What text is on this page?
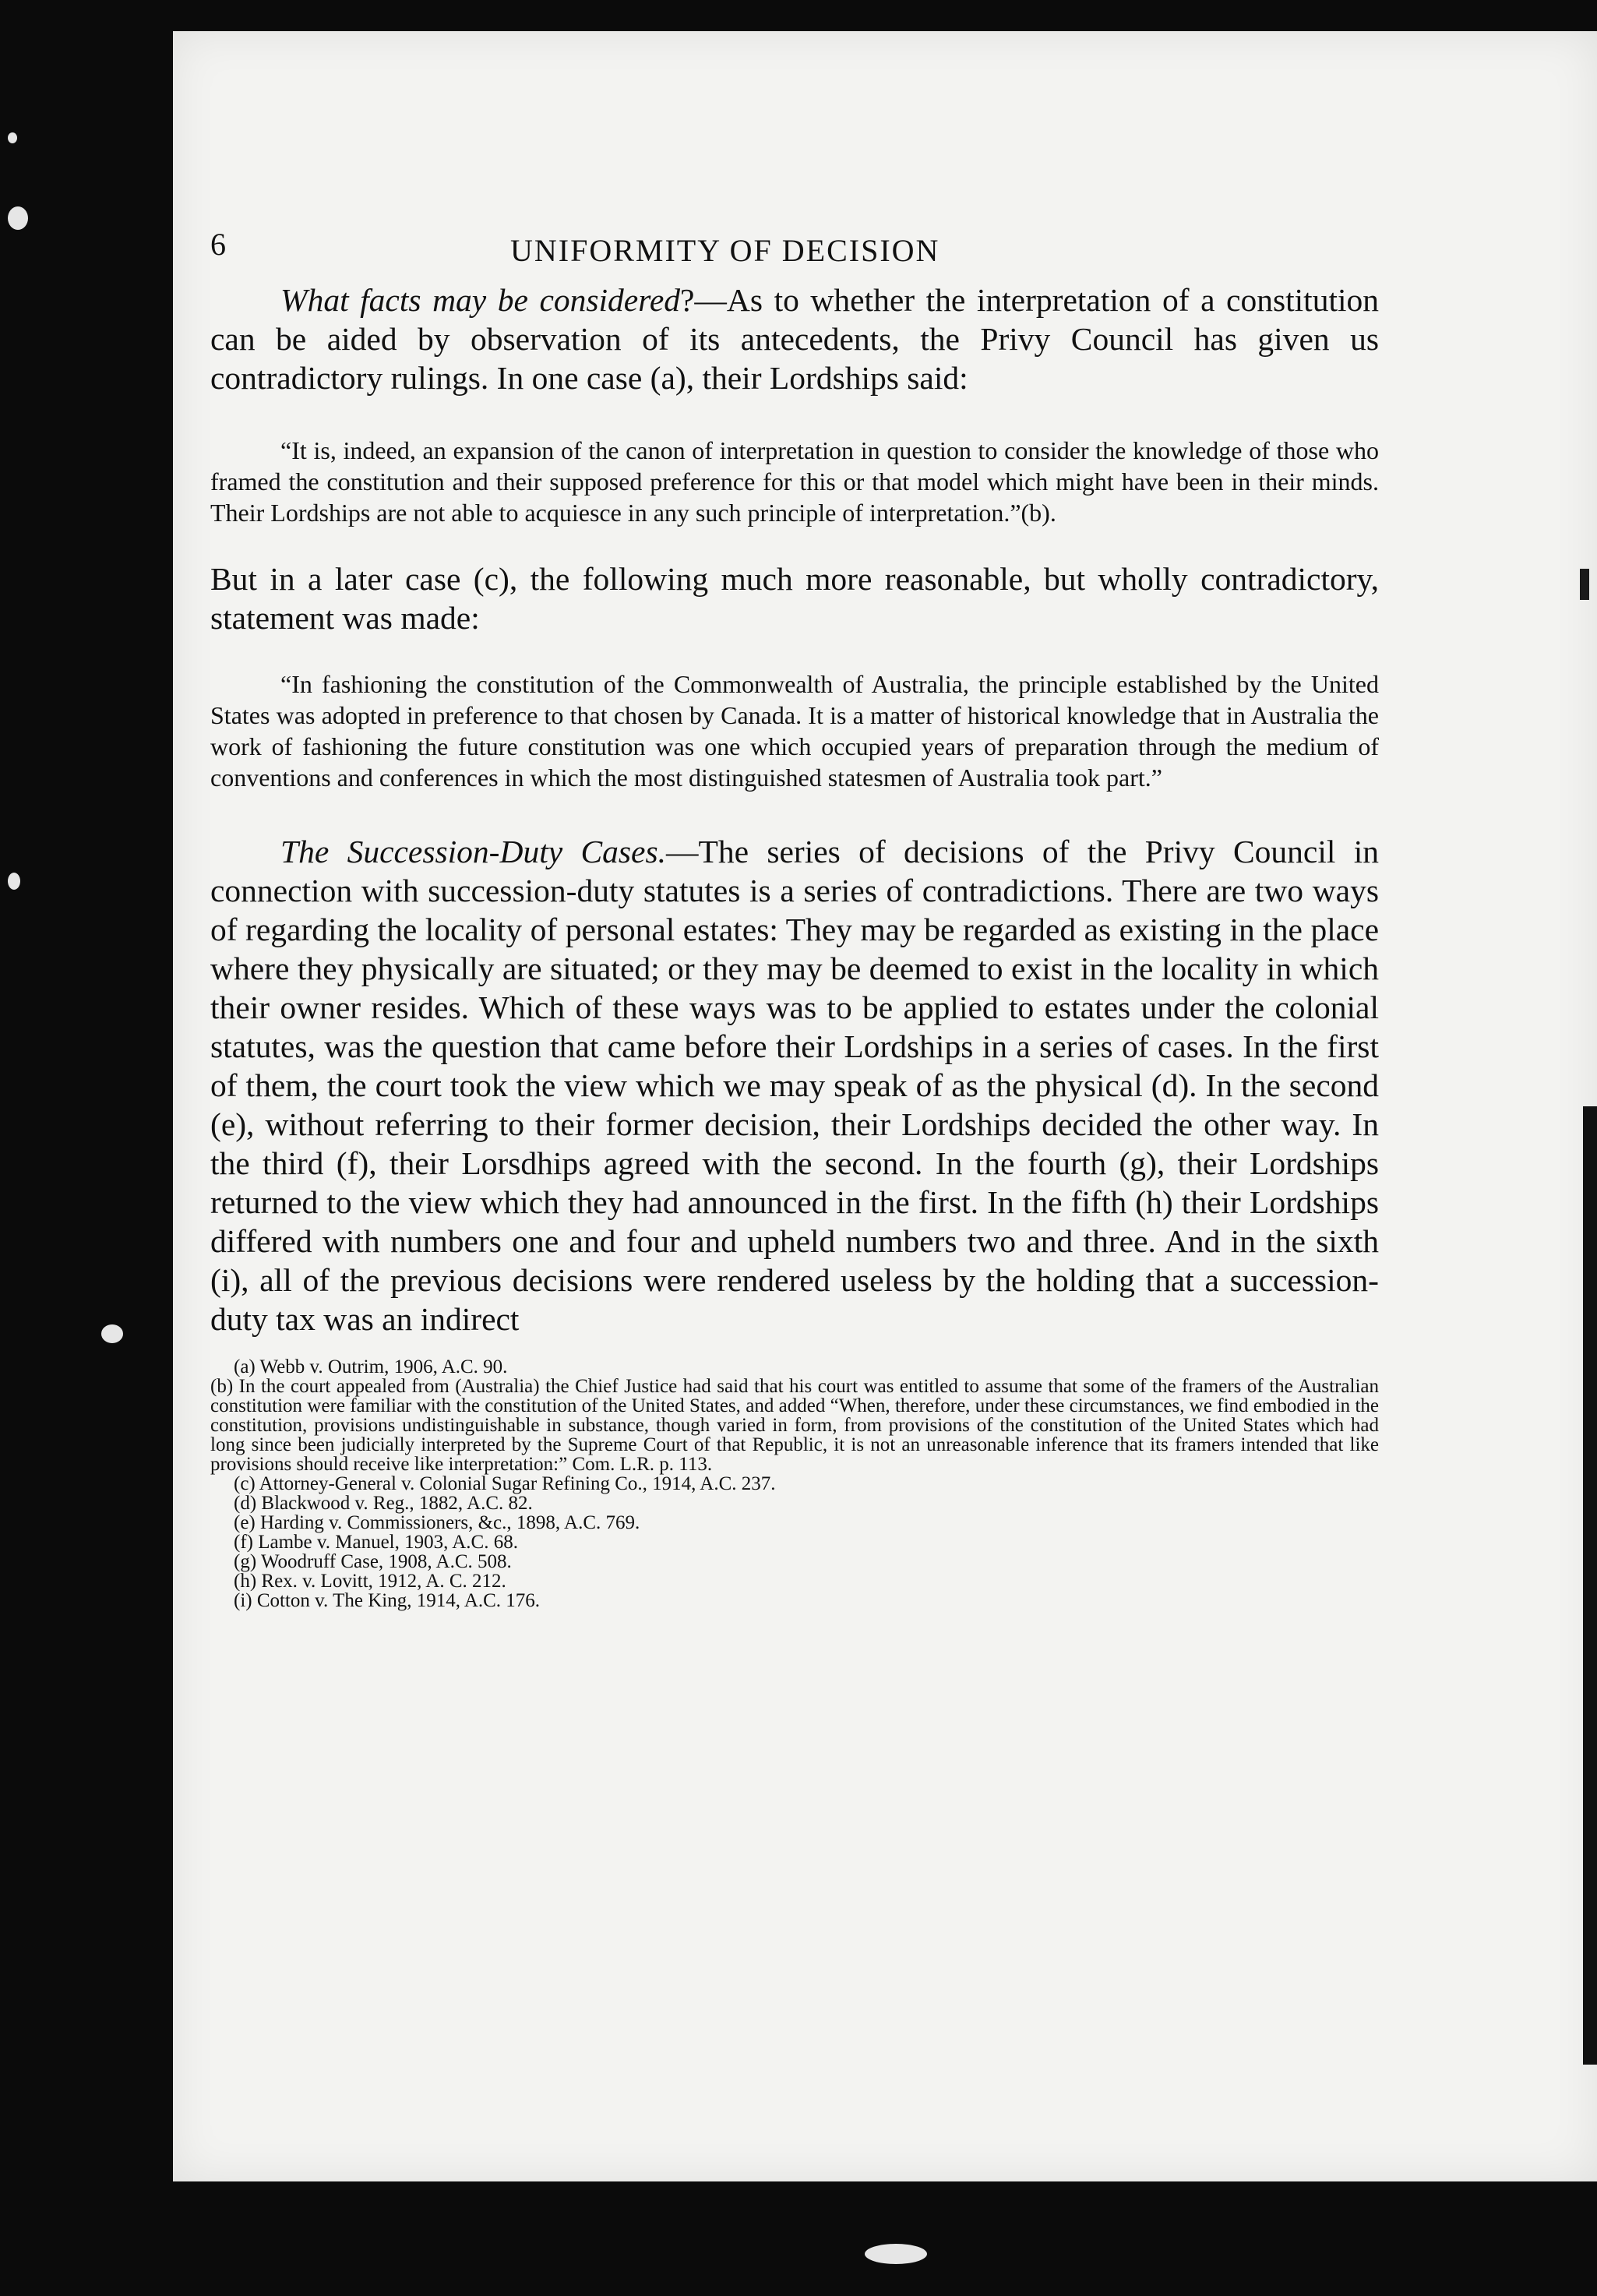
6	UNIFORMITY OF DECISION

What facts may be considered?—As to whether the interpretation of a constitution can be aided by observation of its antecedents, the Privy Council has given us contradictory rulings. In one case (a), their Lordships said:

“It is, indeed, an expansion of the canon of interpretation in question to consider the knowledge of those who framed the constitution and their supposed preference for this or that model which might have been in their minds. Their Lordships are not able to acquiesce in any such principle of interpretation.”(b).

But in a later case (c), the following much more reasonable, but wholly contradictory, statement was made:

“In fashioning the constitution of the Commonwealth of Australia, the principle established by the United States was adopted in preference to that chosen by Canada. It is a matter of historical knowledge that in Australia the work of fashioning the future constitution was one which occupied years of preparation through the medium of conventions and conferences in which the most distinguished statesmen of Australia took part.”

The Succession-Duty Cases.—The series of decisions of the Privy Council in connection with succession-duty statutes is a series of contradictions. There are two ways of regarding the locality of personal estates: They may be regarded as existing in the place where they physically are situated; or they may be deemed to exist in the locality in which their owner resides. Which of these ways was to be applied to estates under the colonial statutes, was the question that came before their Lordships in a series of cases. In the first of them, the court took the view which we may speak of as the physical (d). In the second (e), without referring to their former decision, their Lordships decided the other way. In the third (f), their Lorsdhips agreed with the second. In the fourth (g), their Lordships returned to the view which they had announced in the first. In the fifth (h) their Lordships differed with numbers one and four and upheld numbers two and three. And in the sixth (i), all of the previous decisions were rendered useless by the holding that a succession-duty tax was an indirect

(a) Webb v. Outrim, 1906, A.C. 90.

(b) In the court appealed from (Australia) the Chief Justice had said that his court was entitled to assume that some of the framers of the Australian constitution were familiar with the constitution of the United States, and added “When, therefore, under these circumstances, we find embodied in the constitution, provisions undistinguishable in substance, though varied in form, from provisions of the constitution of the United States which had long since been judicially interpreted by the Supreme Court of that Republic, it is not an unreasonable inference that its framers intended that like provisions should receive like interpretation:” Com. L.R. p. 113.

(c) Attorney-General v. Colonial Sugar Refining Co., 1914, A.C. 237.

(d) Blackwood v. Reg., 1882, A.C. 82.

(e) Harding v. Commissioners, &c., 1898, A.C. 769.

(f) Lambe v. Manuel, 1903, A.C. 68.

(g) Woodruff Case, 1908, A.C. 508.

(h) Rex. v. Lovitt, 1912, A. C. 212.

(i) Cotton v. The King, 1914, A.C. 176.
